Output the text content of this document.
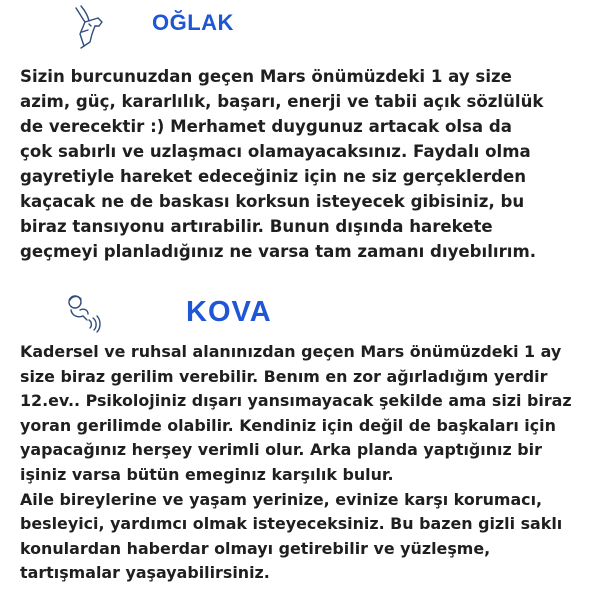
OĞLAK
Sizin burcunuzdan geçen Mars önümüzdeki 1 ay size
azim, güç, kararlılık, başarı, enerji ve tabii açık sözlülük
de verecektir :) Merhamet duygunuz artacak olsa da
çok sabırlı ve uzlaşmacı olamayacaksınız. Faydalı olma
gayretiyle hareket edeceğiniz için ne siz gerçeklerden
kaçacak ne de baskası korksun isteyecek gibisiniz, bu
biraz tansıyonu artırabilir. Bunun dışında harekete
geçmeyi planladığınız ne varsa tam zamanı dıyebılırım.
KOVA
Kadersel ve ruhsal alanınızdan geçen Mars önümüzdeki 1 ay
size biraz gerilim verebilir. Benım en zor ağırladığım yerdir
12.ev.. Psikolojiniz dışarı yansımayacak şekilde ama sizi biraz
yoran gerilimde olabilir. Kendiniz için değil de başkaları için
yapacağınız herşey verimli olur. Arka planda yaptığınız bir
işiniz varsa bütün emeginız karşılık bulur.
Aile bireylerine ve yaşam yerinize, evinize karşı korumacı,
besleyici, yardımcı olmak isteyeceksiniz. Bu bazen gizli saklı
konulardan haberdar olmayı getirebilir ve yüzleşme,
tartışmalar yaşayabilirsiniz.
